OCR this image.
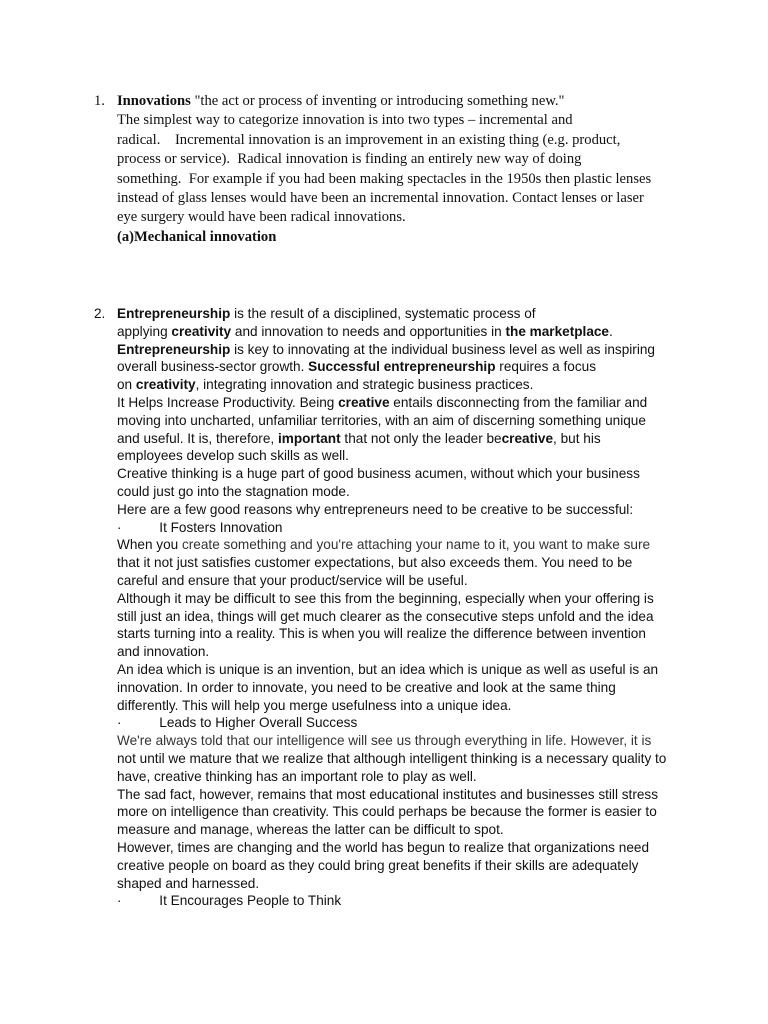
1. Innovations "the act or process of inventing or introducing something new."
The simplest way to categorize innovation is into two types – incremental and
radical.    Incremental innovation is an improvement in an existing thing (e.g. product,
process or service).  Radical innovation is finding an entirely new way of doing
something.  For example if you had been making spectacles in the 1950s then plastic lenses
instead of glass lenses would have been an incremental innovation. Contact lenses or laser
eye surgery would have been radical innovations.
(a)Mechanical innovation
2. Entrepreneurship is the result of a disciplined, systematic process of
applying creativity and innovation to needs and opportunities in the marketplace.
Entrepreneurship is key to innovating at the individual business level as well as inspiring
overall business-sector growth. Successful entrepreneurship requires a focus
on creativity, integrating innovation and strategic business practices.
It Helps Increase Productivity. Being creative entails disconnecting from the familiar and
moving into uncharted, unfamiliar territories, with an aim of discerning something unique
and useful. It is, therefore, important that not only the leader becreative, but his
employees develop such skills as well.
Creative thinking is a huge part of good business acumen, without which your business
could just go into the stagnation mode.
Here are a few good reasons why entrepreneurs need to be creative to be successful:
·          It Fosters Innovation
When you create something and you're attaching your name to it, you want to make sure
that it not just satisfies customer expectations, but also exceeds them. You need to be
careful and ensure that your product/service will be useful.
Although it may be difficult to see this from the beginning, especially when your offering is
still just an idea, things will get much clearer as the consecutive steps unfold and the idea
starts turning into a reality. This is when you will realize the difference between invention
and innovation.
An idea which is unique is an invention, but an idea which is unique as well as useful is an
innovation. In order to innovate, you need to be creative and look at the same thing
differently. This will help you merge usefulness into a unique idea.
·          Leads to Higher Overall Success
We're always told that our intelligence will see us through everything in life. However, it is
not until we mature that we realize that although intelligent thinking is a necessary quality to
have, creative thinking has an important role to play as well.
The sad fact, however, remains that most educational institutes and businesses still stress
more on intelligence than creativity. This could perhaps be because the former is easier to
measure and manage, whereas the latter can be difficult to spot.
However, times are changing and the world has begun to realize that organizations need
creative people on board as they could bring great benefits if their skills are adequately
shaped and harnessed.
·          It Encourages People to Think
